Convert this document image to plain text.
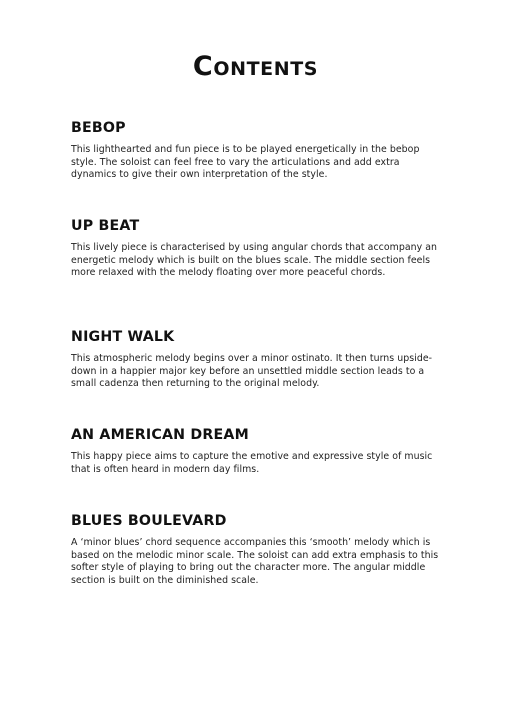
Contents
BEBOP

This lighthearted and fun piece is to be played energetically in the bebop style. The soloist can feel free to vary the articulations and add extra dynamics to give their own interpretation of the style.

UP BEAT

This lively piece is characterised by using angular chords that accompany an energetic melody which is built on the blues scale. The middle section feels more relaxed with the melody floating over more peaceful chords.

NIGHT WALK

This atmospheric melody begins over a minor ostinato. It then turns upside-down in a happier major key before an unsettled middle section leads to a small cadenza then returning to the original melody.

AN AMERICAN DREAM

This happy piece aims to capture the emotive and expressive style of music that is often heard in modern day films.

BLUES BOULEVARD

A ‘minor blues’ chord sequence accompanies this ‘smooth’ melody which is based on the melodic minor scale. The soloist can add extra emphasis to this softer style of playing to bring out the character more. The angular middle section is built on the diminished scale.
